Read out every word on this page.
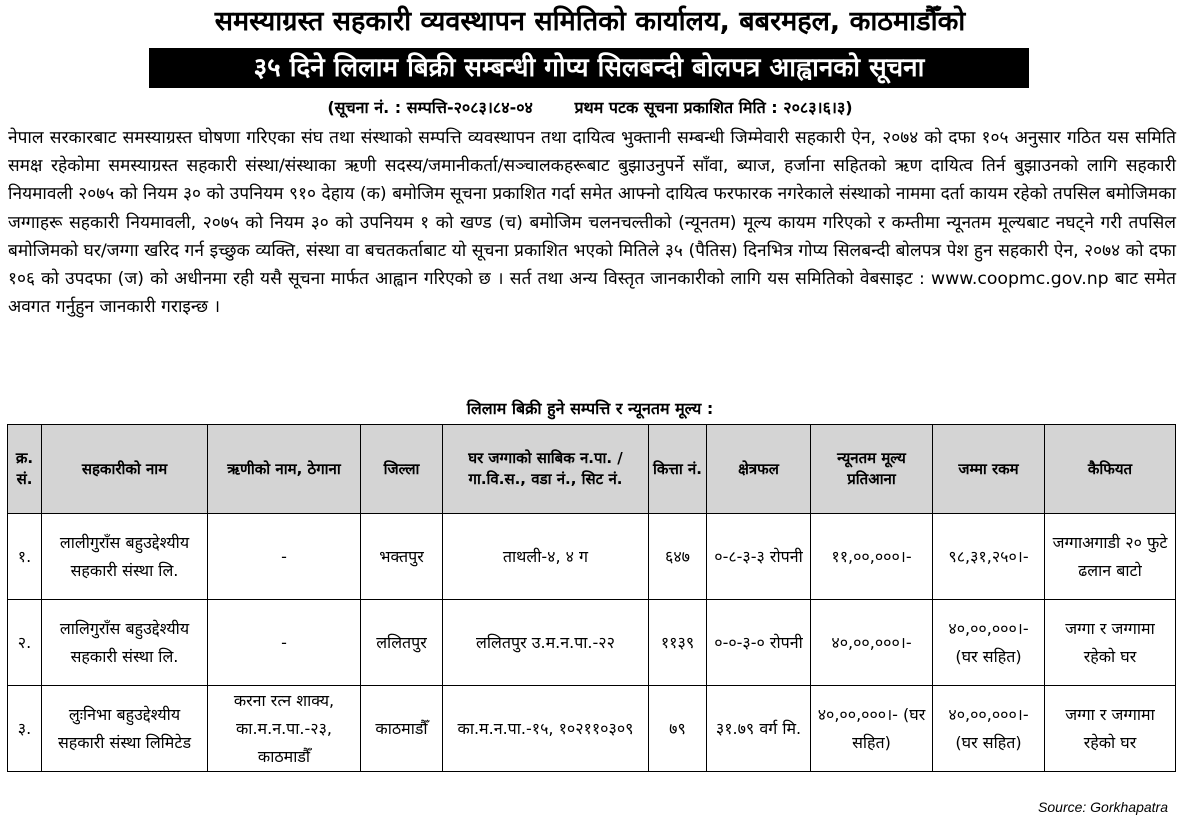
समस्याग्रस्त सहकारी व्यवस्थापन समितिको कार्यालय, बबरमहल, काठमाडौँको
३५ दिने लिलाम बिक्री सम्बन्धी गोप्य सिलबन्दी बोलपत्र आह्वानको सूचना
(सूचना नं. : सम्पत्ति-२०८३।८४-०४	प्रथम पटक सूचना प्रकाशित मिति : २०८३।६।३)
नेपाल सरकारबाट समस्याग्रस्त घोषणा गरिएका संघ तथा संस्थाको सम्पत्ति व्यवस्थापन तथा दायित्व भुक्तानी सम्बन्धी जिम्मेवारी सहकारी ऐन, २०७४ को दफा १०५ अनुसार गठित यस समिति समक्ष रहेकोमा समस्याग्रस्त सहकारी संस्था/संस्थाका ऋणी सदस्य/जमानीकर्ता/सञ्चालकहरूबाट बुझाउनुपर्ने साँवा, ब्याज, हर्जाना सहितको ऋण दायित्व तिर्न बुझाउनको लागि सहकारी नियमावली २०७५ को नियम ३० को उपनियम ९१० देहाय (क) बमोजिम सूचना प्रकाशित गर्दा समेत आफ्नो दायित्व फरफारक नगरेकाले संस्थाको नाममा दर्ता कायम रहेको तपसिल बमोजिमका जग्गाहरू सहकारी नियमावली, २०७५ को नियम ३० को उपनियम १ को खण्ड (च) बमोजिम चलनचल्तीको (न्यूनतम) मूल्य कायम गरिएको र कम्तीमा न्यूनतम मूल्यबाट नघट्ने गरी तपसिल बमोजिमको घर/जग्गा खरिद गर्न इच्छुक व्यक्ति, संस्था वा बचतकर्ताबाट यो सूचना प्रकाशित भएको मितिले ३५ (पैतिस) दिनभित्र गोप्य सिलबन्दी बोलपत्र पेश हुन सहकारी ऐन, २०७४ को दफा १०६ को उपदफा (ज) को अधीनमा रही यसै सूचना मार्फत आह्वान गरिएको छ । सर्त तथा अन्य विस्तृत जानकारीको लागि यस समितिको वेबसाइट : www.coopmc.gov.np बाट समेत अवगत गर्नुहुन जानकारी गराइन्छ ।
लिलाम बिक्री हुने सम्पत्ति र न्यूनतम मूल्य :
क्र. सं.	सहकारीको नाम	ऋणीको नाम, ठेगाना	जिल्ला	घर जग्गाको साबिक न.पा. /गा.वि.स., वडा नं., सिट नं.	कित्ता नं.	क्षेत्रफल	न्यूनतम मूल्य प्रतिआना	जम्मा रकम	कैफियत
१.	लालीगुराँस बहुउद्देश्यीय सहकारी संस्था लि.	-	भक्तपुर	ताथली-४, ४ ग	६४७	०-८-३-३ रोपनी	११,००,०००।-	९८,३१,२५०।-	जग्गाअगाडी २० फुटे ढलान बाटो
२.	लालिगुराँस बहुउद्देश्यीय सहकारी संस्था लि.	-	ललितपुर	ललितपुर उ.म.न.पा.-२२	११३९	०-०-३-० रोपनी	४०,००,०००।-	४०,००,०००।- (घर सहित)	जग्गा र जग्गामा रहेको घर
३.	लुःनिभा बहुउद्देश्यीय सहकारी संस्था लिमिटेड	करना रत्न शाक्य, का.म.न.पा.-२३, काठमाडौँ	काठमाडौँ	का.म.न.पा.-१५, १०२११०३०९	७९	३१.७९ वर्ग मि.	४०,००,०००।- (घर सहित)	४०,००,०००।- (घर सहित)	जग्गा र जग्गामा रहेको घर
Source: Gorkhapatra
